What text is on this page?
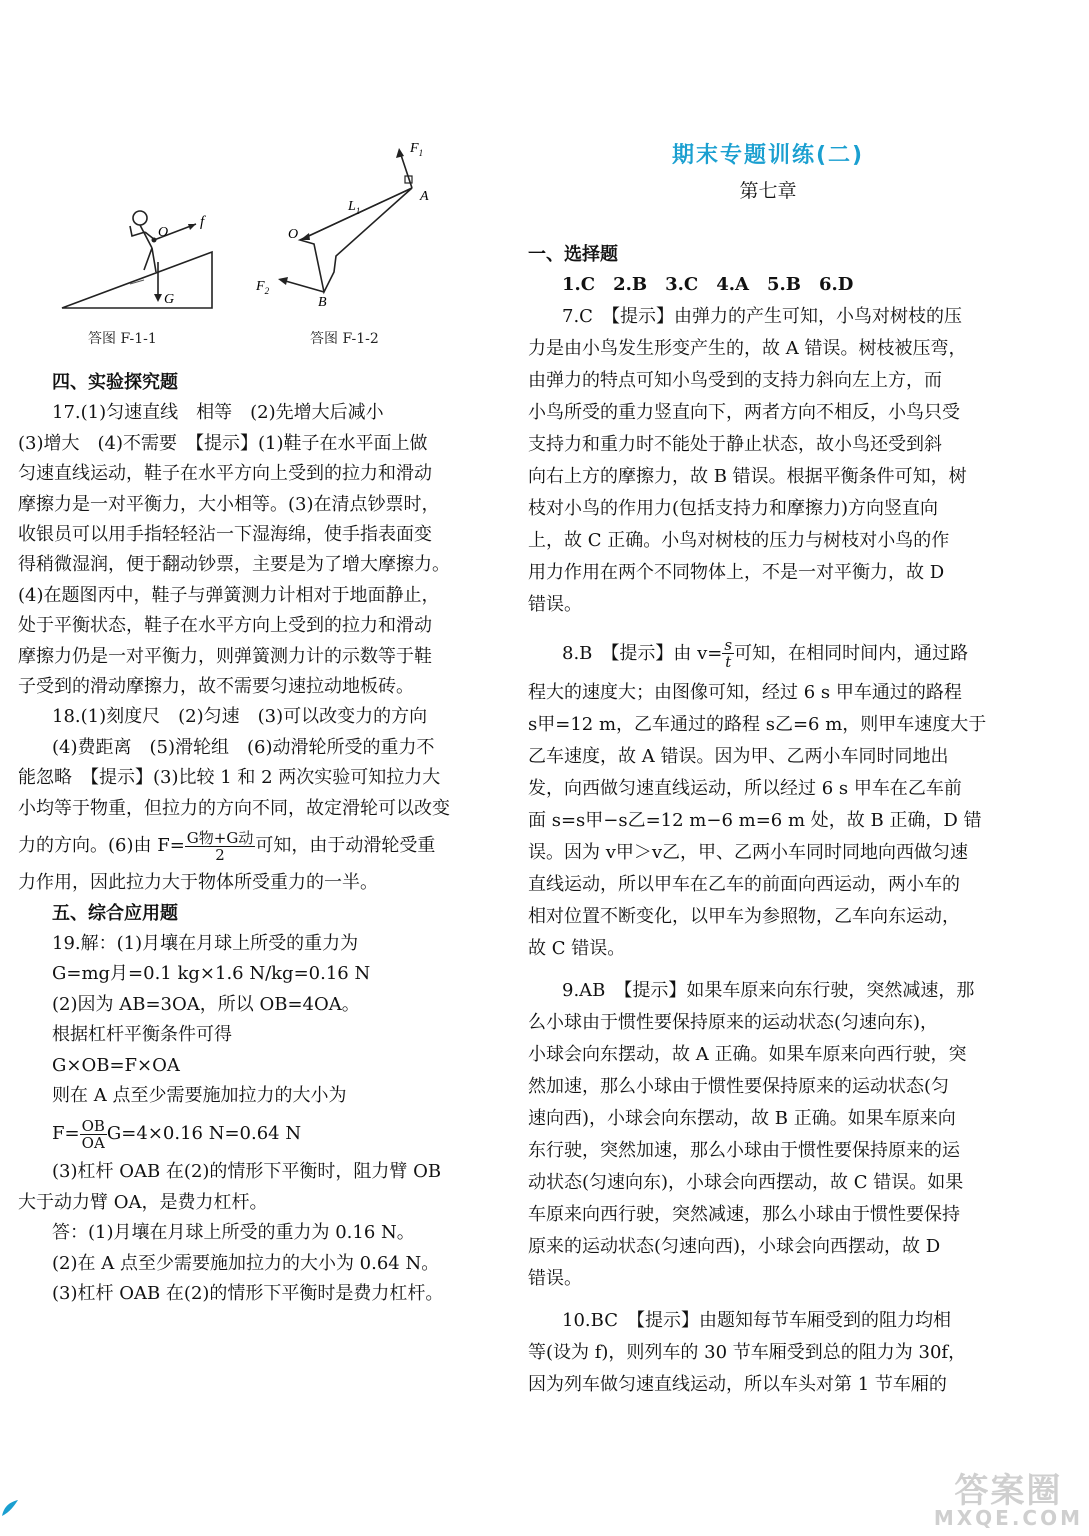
O
f
G
答图 F-1-1
$F_1$
A
$L_1$
O
$F_2$
B
答图 F-1-2
四、实验探究题
17.(1)匀速直线　相等　(2)先增大后减小
(3)增大　(4)不需要　【提示】(1)鞋子在水平面上做
匀速直线运动，鞋子在水平方向上受到的拉力和滑动
摩擦力是一对平衡力，大小相等。(3)在清点钞票时，
收银员可以用手指轻轻沾一下湿海绵，使手指表面变
得稍微湿润，便于翻动钞票，主要是为了增大摩擦力。
(4)在题图丙中，鞋子与弹簧测力计相对于地面静止，
处于平衡状态，鞋子在水平方向上受到的拉力和滑动
摩擦力仍是一对平衡力，则弹簧测力计的示数等于鞋
子受到的滑动摩擦力，故不需要匀速拉动地板砖。
18.(1)刻度尺　(2)匀速　(3)可以改变力的方向
(4)费距离　(5)滑轮组　(6)动滑轮所受的重力不
能忽略　【提示】(3)比较 1 和 2 两次实验可知拉力大
小均等于物重，但拉力的方向不同，故定滑轮可以改变
力的方向。(6)由 $F= \frac{\text{G物+G动}}{2}$ 可知，由于动滑轮受重
力作用，因此拉力大于物体所受重力的一半。
五、综合应用题
19.解：(1)月壤在月球上所受的重力为
G=mg月=0.1 kg×1.6 N/kg=0.16 N
(2)因为 AB=3OA，所以 OB=4OA。
根据杠杆平衡条件可得
G×OB=F×OA
则在 A 点至少需要施加拉力的大小为
$F= \frac{OB}{OA} G=4\times 0.16$ N=0.64 N
(3)杠杆 OAB 在(2)的情形下平衡时，阻力臂 OB
大于动力臂 OA，是费力杠杆。
答：(1)月壤在月球上所受的重力为 0.16 N。
(2)在 A 点至少需要施加拉力的大小为 0.64 N。
(3)杠杆 OAB 在(2)的情形下平衡时是费力杠杆。
期末专题训练(二)
第七章
一、选择题
1.C　2.B　3.C　4.A　5.B　6.D
7.C　【提示】由弹力的产生可知，小鸟对树枝的压
力是由小鸟发生形变产生的，故 A 错误。树枝被压弯，
由弹力的特点可知小鸟受到的支持力斜向左上方，而
小鸟所受的重力竖直向下，两者方向不相反，小鸟只受
支持力和重力时不能处于静止状态，故小鸟还受到斜
向右上方的摩擦力，故 B 错误。根据平衡条件可知，树
枝对小鸟的作用力(包括支持力和摩擦力)方向竖直向
上，故 C 正确。小鸟对树枝的压力与树枝对小鸟的作
用力作用在两个不同物体上，不是一对平衡力，故 D
错误。
8.B　【提示】由 $v= \frac{s}{t}$ 可知，在相同时间内，通过路
程大的速度大；由图像可知，经过 6 s 甲车通过的路程
s甲=12 m，乙车通过的路程 s乙=6 m，则甲车速度大于
乙车速度，故 A 错误。因为甲、乙两小车同时同地出
发，向西做匀速直线运动，所以经过 6 s 甲车在乙车前
面 s=s甲−s乙=12 m−6 m=6 m 处，故 B 正确，D 错
误。因为 v甲＞v乙，甲、乙两小车同时同地向西做匀速
直线运动，所以甲车在乙车的前面向西运动，两小车的
相对位置不断变化，以甲车为参照物，乙车向东运动，
故 C 错误。
9.AB　【提示】如果车原来向东行驶，突然减速，那
么小球由于惯性要保持原来的运动状态(匀速向东)，
小球会向东摆动，故 A 正确。如果车原来向西行驶，突
然加速，那么小球由于惯性要保持原来的运动状态(匀
速向西)，小球会向东摆动，故 B 正确。如果车原来向
东行驶，突然加速，那么小球由于惯性要保持原来的运
动状态(匀速向东)，小球会向西摆动，故 C 错误。如果
车原来向西行驶，突然减速，那么小球由于惯性要保持
原来的运动状态(匀速向西)，小球会向西摆动，故 D
错误。
10.BC　【提示】由题知每节车厢受到的阻力均相
等(设为 f)，则列车的 30 节车厢受到总的阻力为 30f，
因为列车做匀速直线运动，所以车头对第 1 节车厢的
答案圈
MXQE.COM
